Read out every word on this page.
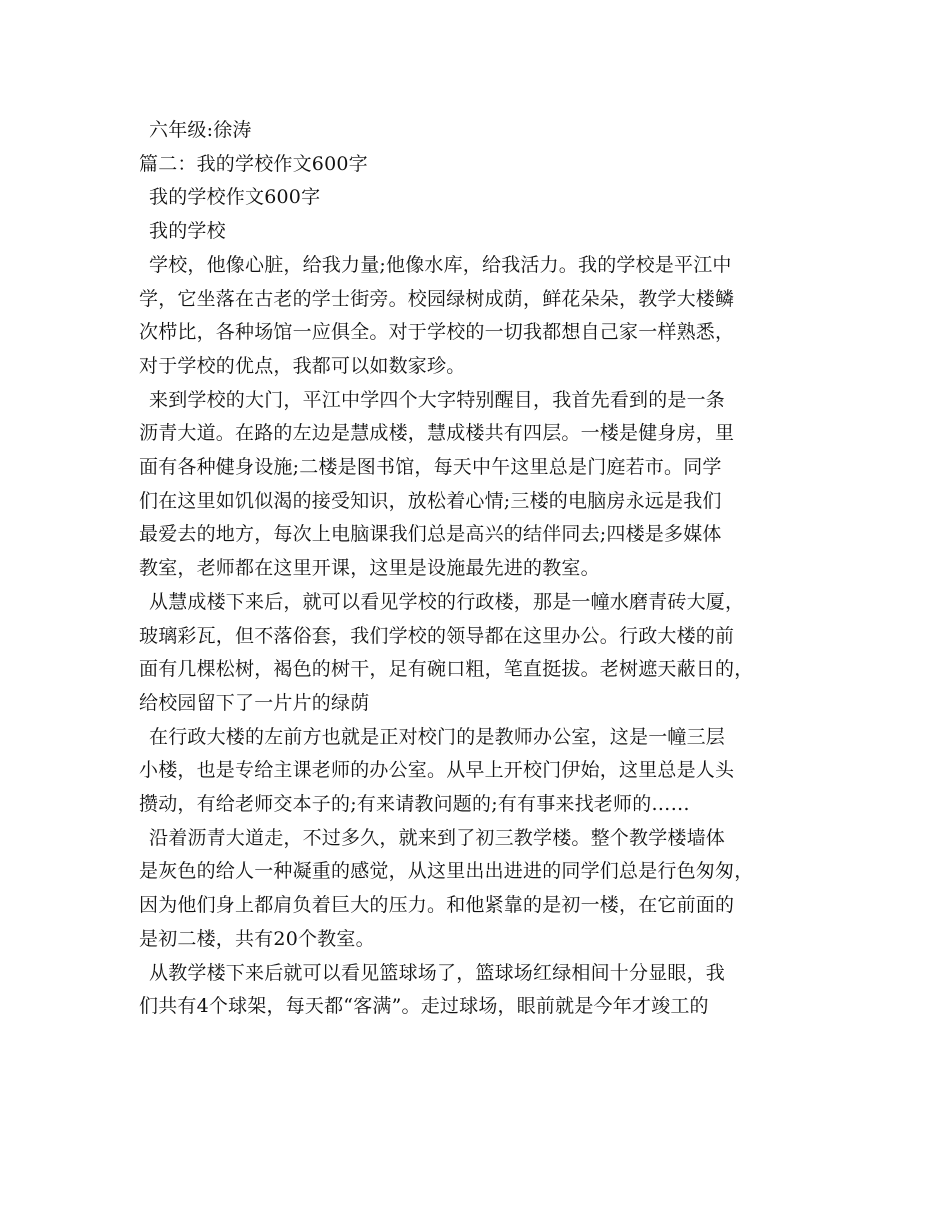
六年级:徐涛
篇二：我的学校作文600字
我的学校作文600字
我的学校
学校，他像心脏，给我力量;他像水库，给我活力。我的学校是平江中
学，它坐落在古老的学士街旁。校园绿树成荫，鲜花朵朵，教学大楼鳞
次栉比，各种场馆一应俱全。对于学校的一切我都想自己家一样熟悉，
对于学校的优点，我都可以如数家珍。
来到学校的大门，平江中学四个大字特别醒目，我首先看到的是一条
沥青大道。在路的左边是慧成楼，慧成楼共有四层。一楼是健身房，里
面有各种健身设施;二楼是图书馆，每天中午这里总是门庭若市。同学
们在这里如饥似渴的接受知识，放松着心情;三楼的电脑房永远是我们
最爱去的地方，每次上电脑课我们总是高兴的结伴同去;四楼是多媒体
教室，老师都在这里开课，这里是设施最先进的教室。
从慧成楼下来后，就可以看见学校的行政楼，那是一幢水磨青砖大厦，
玻璃彩瓦，但不落俗套，我们学校的领导都在这里办公。行政大楼的前
面有几棵松树，褐色的树干，足有碗口粗，笔直挺拔。老树遮天蔽日的，
给校园留下了一片片的绿荫
在行政大楼的左前方也就是正对校门的是教师办公室，这是一幢三层
小楼，也是专给主课老师的办公室。从早上开校门伊始，这里总是人头
攒动，有给老师交本子的;有来请教问题的;有有事来找老师的……
沿着沥青大道走，不过多久，就来到了初三教学楼。整个教学楼墙体
是灰色的给人一种凝重的感觉，从这里出出进进的同学们总是行色匆匆，
因为他们身上都肩负着巨大的压力。和他紧靠的是初一楼，在它前面的
是初二楼，共有20个教室。
从教学楼下来后就可以看见篮球场了，篮球场红绿相间十分显眼，我
们共有4个球架，每天都“客满”。走过球场，眼前就是今年才竣工的
